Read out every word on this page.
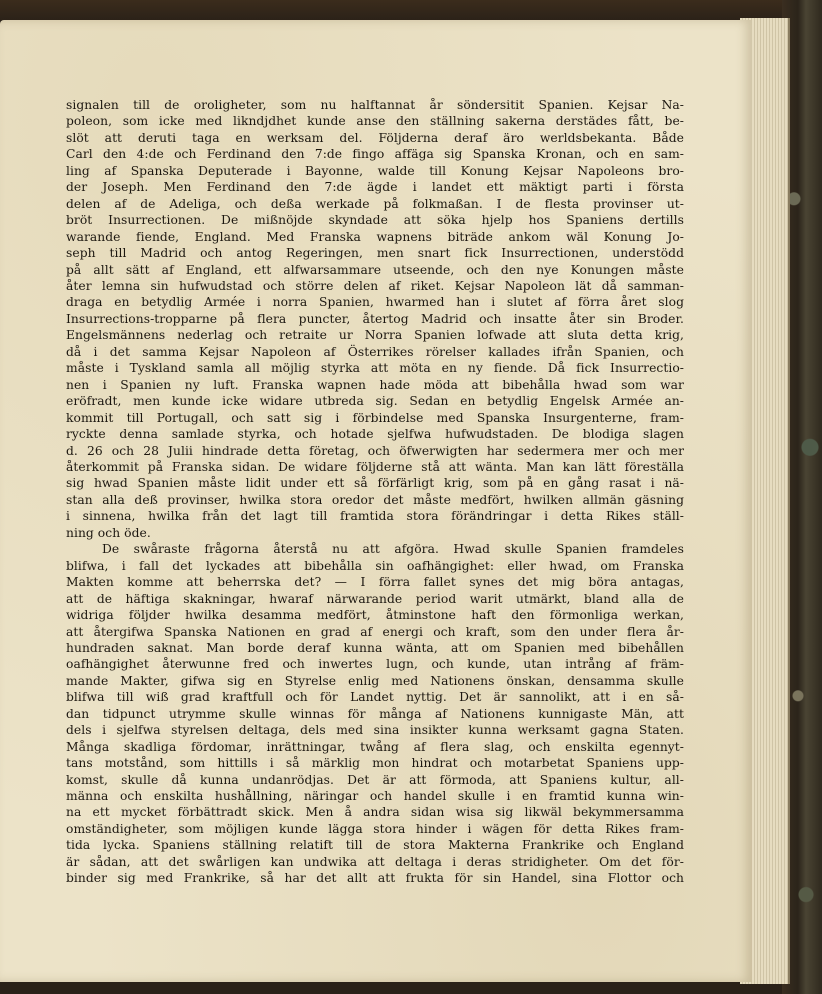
signalen till de oroligheter, som nu halftannat år söndersitit Spanien. Kejsar Na-
poleon, som icke med likndjdhet kunde anse den ställning sakerna derstädes fått, be-
slöt att deruti taga en werksam del. Följderna deraf äro werldsbekanta. Både
Carl den 4:de och Ferdinand den 7:de fingo affäga sig Spanska Kronan, och en sam-
ling af Spanska Deputerade i Bayonne, walde till Konung Kejsar Napoleons bro-
der Joseph. Men Ferdinand den 7:de ägde i landet ett mäktigt parti i första
delen af de Adeliga, och deßa werkade på folkmaßan. I de flesta provinser ut-
bröt Insurrectionen. De mißnöjde skyndade att söka hjelp hos Spaniens dertills
warande fiende, England. Med Franska wapnens biträde ankom wäl Konung Jo-
seph till Madrid och antog Regeringen, men snart fick Insurrectionen, understödd
på allt sätt af England, ett alfwarsammare utseende, och den nye Konungen måste
åter lemna sin hufwudstad och större delen af riket. Kejsar Napoleon lät då samman-
draga en betydlig Armée i norra Spanien, hwarmed han i slutet af förra året slog
Insurrections-tropparne på flera puncter, återtog Madrid och insatte åter sin Broder.
Engelsmännens nederlag och retraite ur Norra Spanien lofwade att sluta detta krig,
då i det samma Kejsar Napoleon af Österrikes rörelser kallades ifrån Spanien, och
måste i Tyskland samla all möjlig styrka att möta en ny fiende. Då fick Insurrectio-
nen i Spanien ny luft. Franska wapnen hade möda att bibehålla hwad som war
eröfradt, men kunde icke widare utbreda sig. Sedan en betydlig Engelsk Armée an-
kommit till Portugall, och satt sig i förbindelse med Spanska Insurgenterne, fram-
ryckte denna samlade styrka, och hotade sjelfwa hufwudstaden. De blodiga slagen
d. 26 och 28 Julii hindrade detta företag, och öfwerwigten har sedermera mer och mer
återkommit på Franska sidan. De widare följderne stå att wänta. Man kan lätt föreställa
sig hwad Spanien måste lidit under ett så förfärligt krig, som på en gång rasat i nä-
stan alla deß provinser, hwilka stora oredor det måste medfört, hwilken allmän gäsning
i sinnena, hwilka från det lagt till framtida stora förändringar i detta Rikes ställ-
ning och öde.
De swåraste frågorna återstå nu att afgöra. Hwad skulle Spanien framdeles
blifwa, i fall det lyckades att bibehålla sin oafhängighet: eller hwad, om Franska
Makten komme att beherrska det? — I förra fallet synes det mig böra antagas,
att de häftiga skakningar, hwaraf närwarande period warit utmärkt, bland alla de
widriga följder hwilka desamma medfört, åtminstone haft den förmonliga werkan,
att återgifwa Spanska Nationen en grad af energi och kraft, som den under flera år-
hundraden saknat. Man borde deraf kunna wänta, att om Spanien med bibehållen
oafhängighet återwunne fred och inwertes lugn, och kunde, utan intrång af främ-
mande Makter, gifwa sig en Styrelse enlig med Nationens önskan, densamma skulle
blifwa till wiß grad kraftfull och för Landet nyttig. Det är sannolikt, att i en så-
dan tidpunct utrymme skulle winnas för många af Nationens kunnigaste Män, att
dels i sjelfwa styrelsen deltaga, dels med sina insikter kunna werksamt gagna Staten.
Många skadliga fördomar, inrättningar, twång af flera slag, och enskilta egennyt-
tans motstånd, som hittills i så märklig mon hindrat och motarbetat Spaniens upp-
komst, skulle då kunna undanrödjas. Det är att förmoda, att Spaniens kultur, all-
männa och enskilta hushållning, näringar och handel skulle i en framtid kunna win-
na ett mycket förbättradt skick. Men å andra sidan wisa sig likwäl bekymmersamma
omständigheter, som möjligen kunde lägga stora hinder i wägen för detta Rikes fram-
tida lycka. Spaniens ställning relatift till de stora Makterna Frankrike och England
är sådan, att det swårligen kan undwika att deltaga i deras stridigheter. Om det för-
binder sig med Frankrike, så har det allt att frukta för sin Handel, sina Flottor och
